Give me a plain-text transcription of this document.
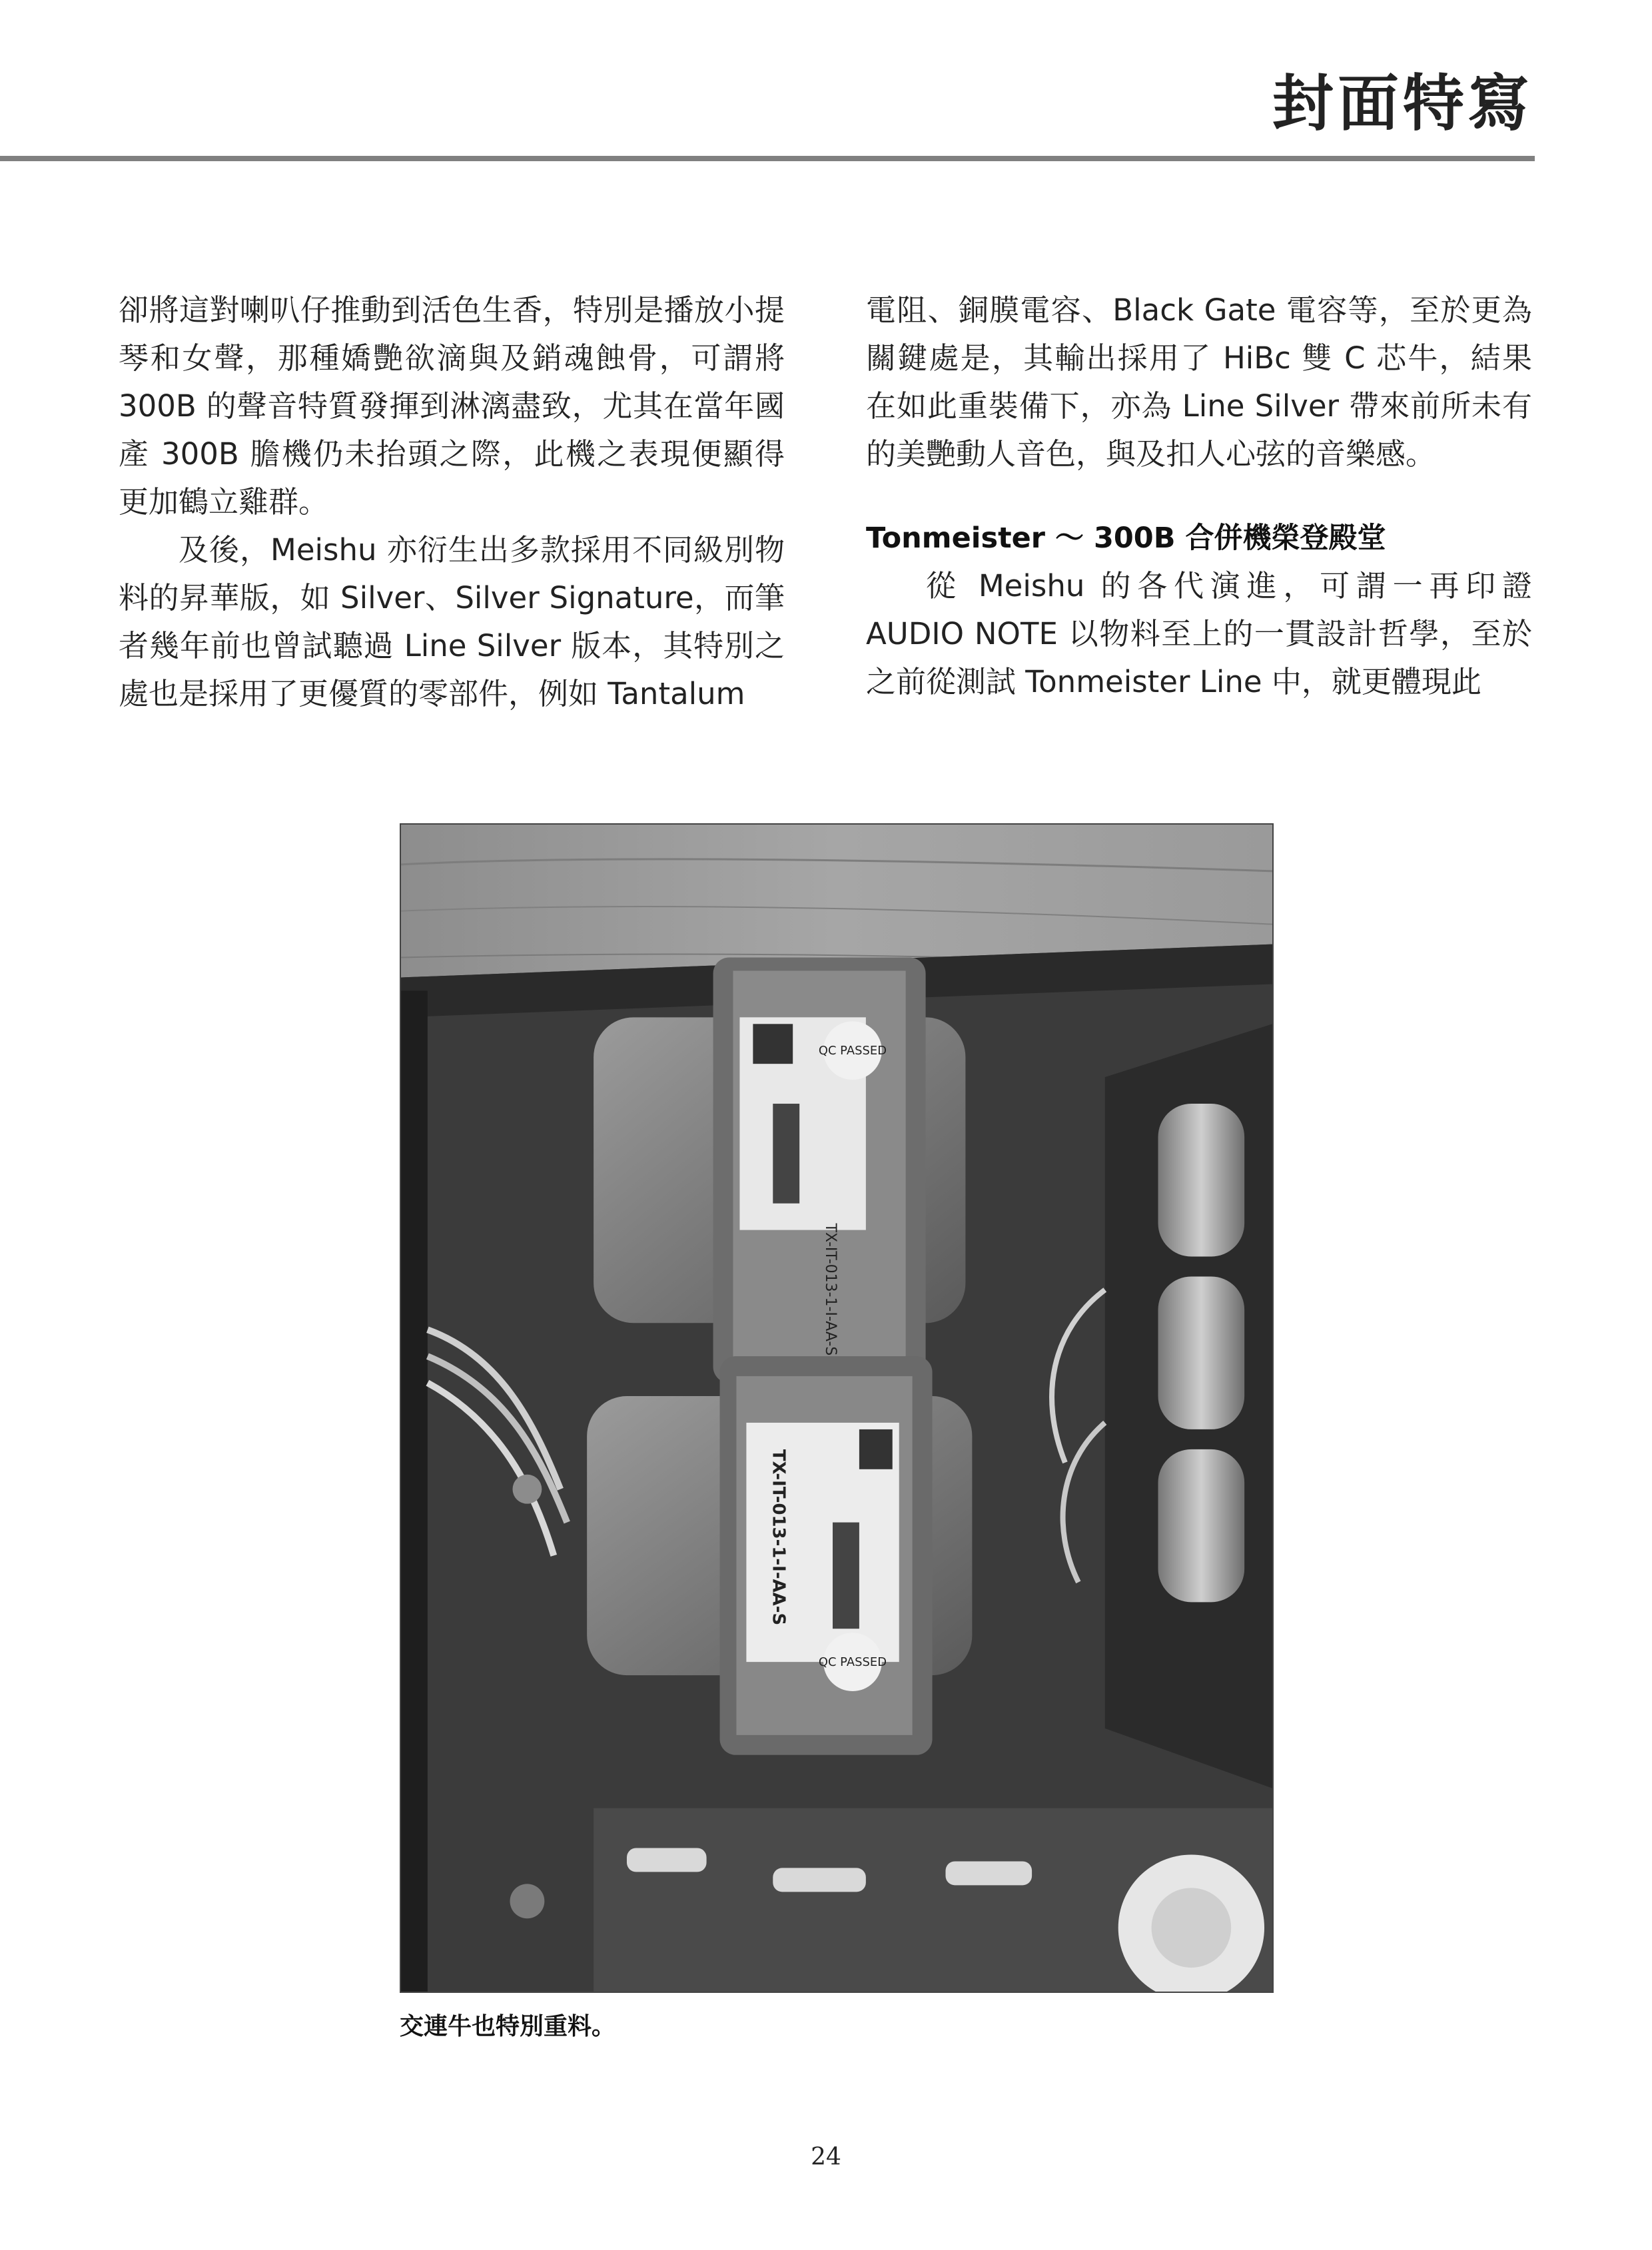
封面特寫

卻將這對喇叭仔推動到活色生香，特別是播放小提琴和女聲，那種嬌艷欲滴與及銷魂蝕骨，可謂將 300B 的聲音特質發揮到淋漓盡致，尤其在當年國產 300B 膽機仍未抬頭之際，此機之表現便顯得更加鶴立雞群。

及後，Meishu 亦衍生出多款採用不同級別物料的昇華版，如 Silver、Silver Signature，而筆者幾年前也曾試聽過 Line Silver 版本，其特別之處也是採用了更優質的零部件，例如 Tantalum

電阻、銅膜電容、Black Gate 電容等，至於更為關鍵處是，其輸出採用了 HiBc 雙 C 芯牛，結果在如此重裝備下，亦為 Line Silver 帶來前所未有的美艷動人音色，與及扣人心弦的音樂感。

Tonmeister ～ 300B 合併機榮登殿堂

從 Meishu 的各代演進，可謂一再印證 AUDIO NOTE 以物料至上的一貫設計哲學，至於之前從測試 Tonmeister Line 中，就更體現此

QC PASSED
TX-IT-013-1-I-AA-S
QC PASSED
TX-IT-013-1-I-AA-S
交連牛也特別重料。
24
